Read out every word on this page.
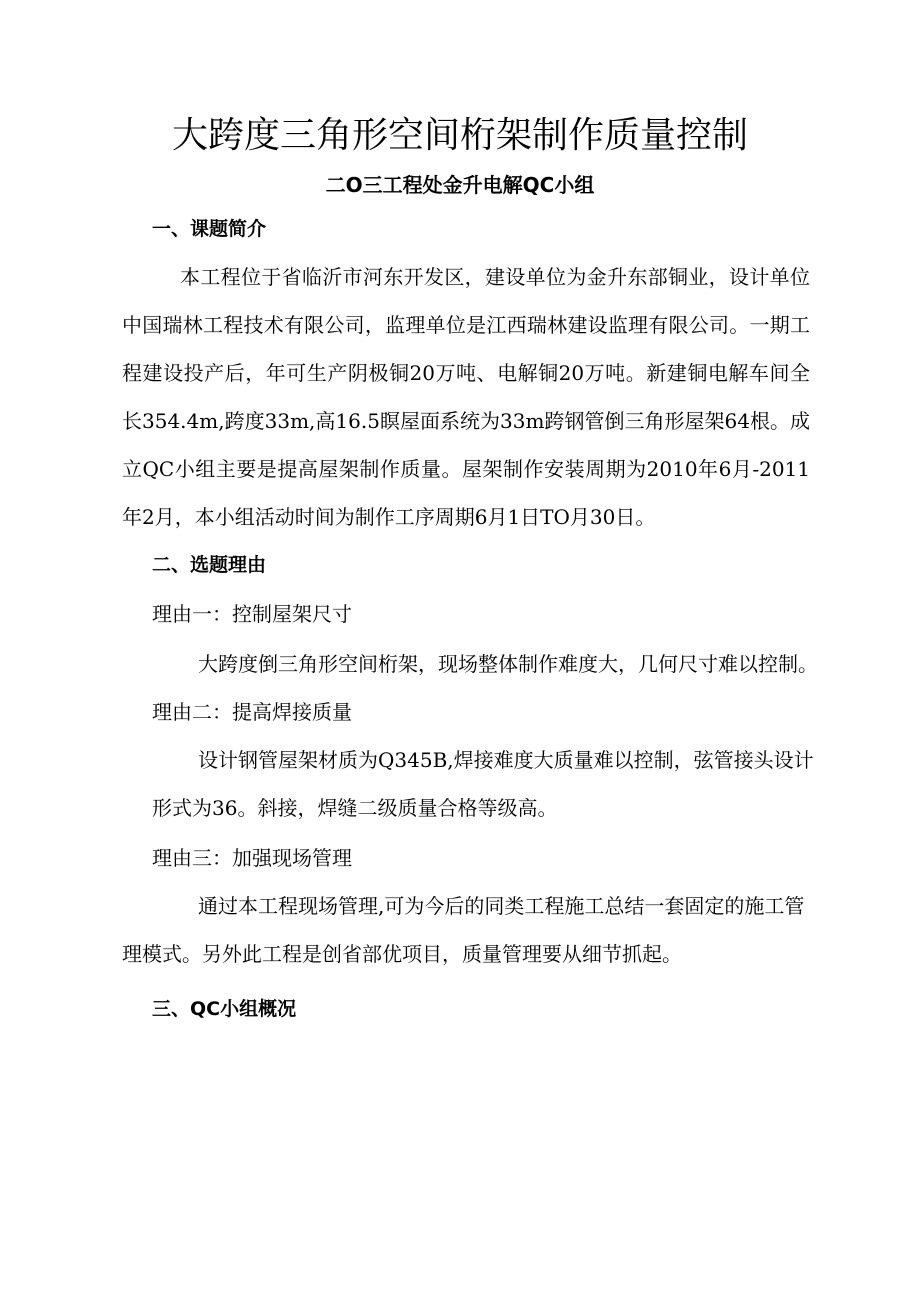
大跨度三角形空间桁架制作质量控制
二O三工程处金升电解QC小组
一、课题简介

本工程位于省临沂市河东开发区，建设单位为金升东部铜业，设计单位中国瑞林工程技术有限公司，监理单位是江西瑞林建设监理有限公司。一期工程建设投产后，年可生产阴极铜20万吨、电解铜20万吨。新建铜电解车间全长354.4m,跨度33m,高16.5瞑屋面系统为33m跨钢管倒三角形屋架64根。成立QC小组主要是提高屋架制作质量。屋架制作安装周期为2010年6月-2011年2月，本小组活动时间为制作工序周期6月1日TO月30日。

二、选题理由

理由一：控制屋架尺寸

大跨度倒三角形空间桁架，现场整体制作难度大，几何尺寸难以控制。

理由二：提高焊接质量

设计钢管屋架材质为Q345B,焊接难度大质量难以控制，弦管接头设计形式为36。斜接，焊缝二级质量合格等级高。

理由三：加强现场管理

通过本工程现场管理,可为今后的同类工程施工总结一套固定的施工管理模式。另外此工程是创省部优项目，质量管理要从细节抓起。

三、QC小组概况
